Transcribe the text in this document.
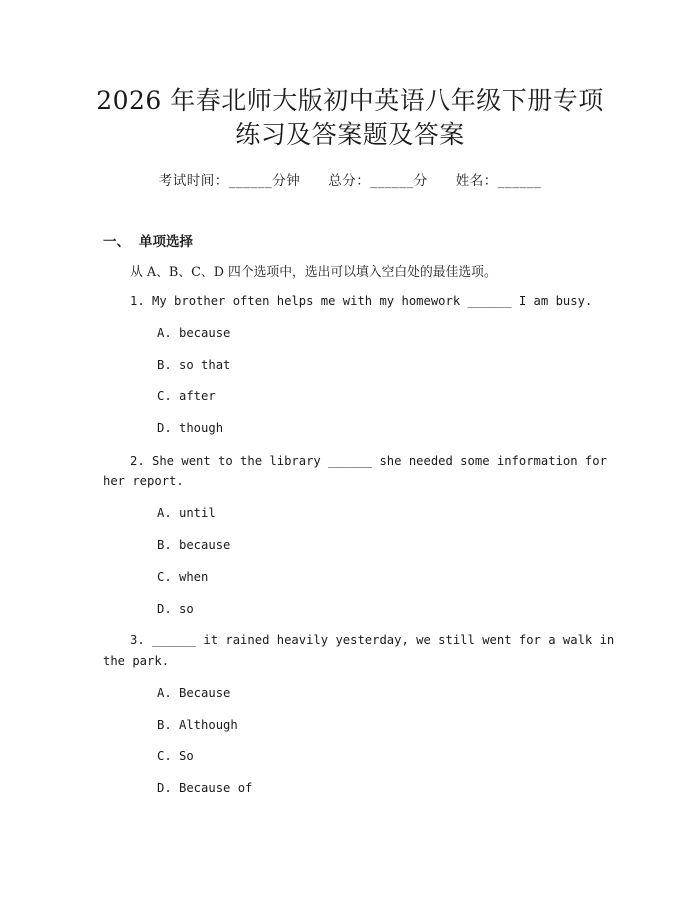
2026 年春北师大版初中英语八年级下册专项
练习及答案题及答案
考试时间：______分钟 总分：______分 姓名：______
一、 单项选择
从 A、B、C、D 四个选项中，选出可以填入空白处的最佳选项。
1. My brother often helps me with my homework ______ I am busy.
A. because
B. so that
C. after
D. though
2. She went to the library ______ she needed some information for
her report.
A. until
B. because
C. when
D. so
3. ______ it rained heavily yesterday, we still went for a walk in
the park.
A. Because
B. Although
C. So
D. Because of
